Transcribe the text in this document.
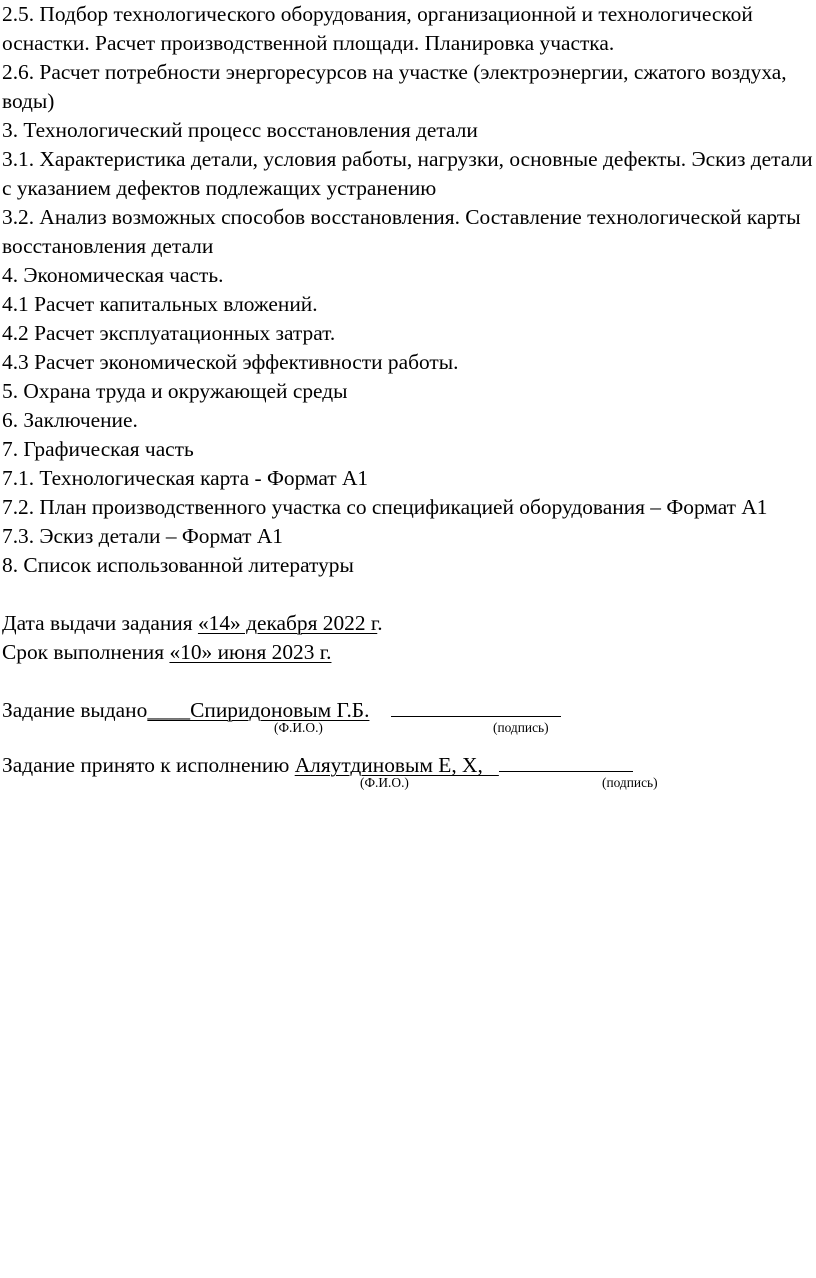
2.5. Подбор технологического оборудования, организационной и технологической оснастки. Расчет производственной площади. Планировка участка.
2.6. Расчет потребности энергоресурсов на участке (электроэнергии, сжатого воздуха, воды)
3. Технологический процесс восстановления детали
3.1. Характеристика детали, условия работы, нагрузки, основные дефекты. Эскиз детали с указанием дефектов подлежащих устранению
3.2. Анализ возможных способов восстановления. Составление технологической карты восстановления детали
4. Экономическая часть.
4.1 Расчет капитальных вложений.
4.2 Расчет эксплуатационных затрат.
4.3 Расчет экономической эффективности работы.
5. Охрана труда и окружающей среды
6. Заключение.
7. Графическая часть
7.1. Технологическая карта - Формат А1
7.2. План производственного участка со спецификацией оборудования – Формат А1
7.3. Эскиз детали – Формат А1
8. Список использованной литературы
Дата выдачи задания «14» декабря 2022 г.
Срок выполнения «10» июня 2023 г.
Задание выдано____Спиридоновым Г.Б.
(Ф.И.О.)	(подпись)
Задание принято к исполнению Аляутдиновым Е, Х,
(Ф.И.О.)	(подпись)
